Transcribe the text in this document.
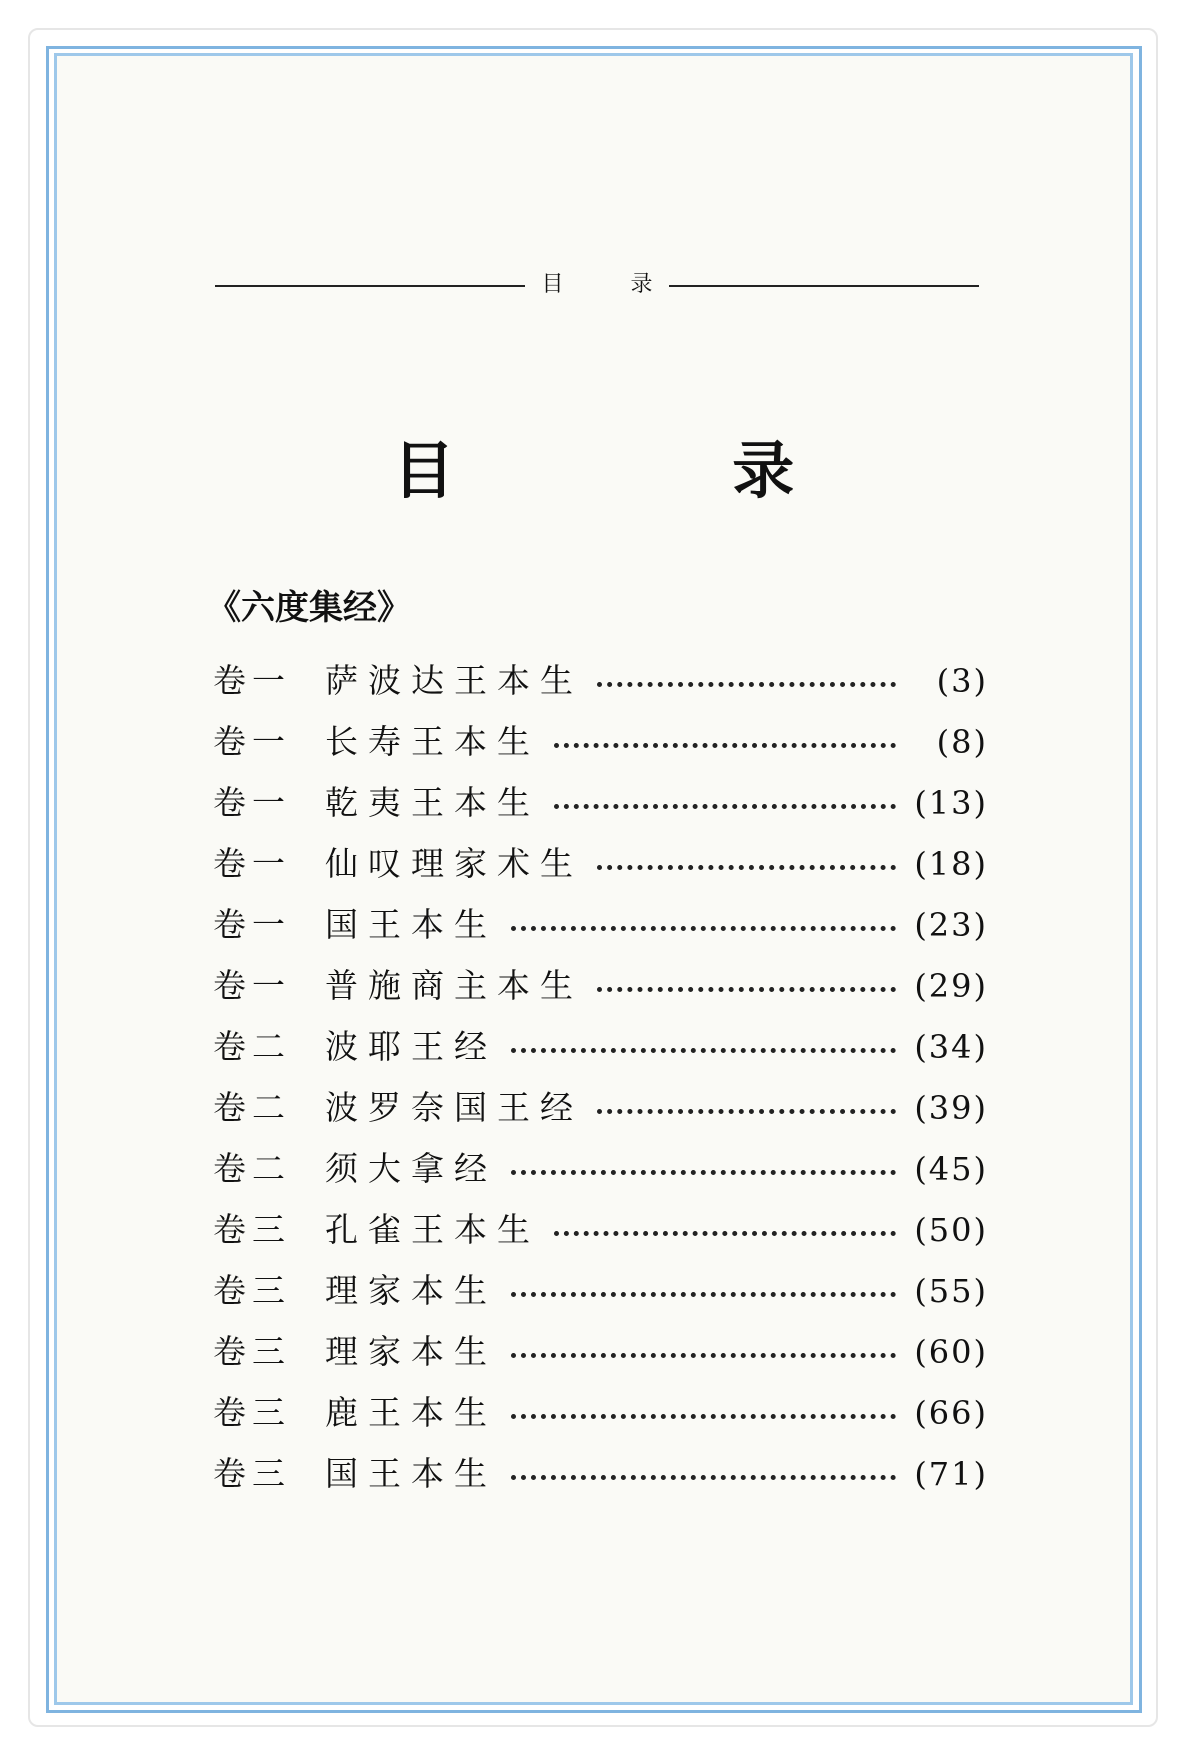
目 录
目 录
《六度集经》
卷一	萨波达王本生	(3)
卷一	长寿王本生	(8)
卷一	乾夷王本生	(13)
卷一	仙叹理家术生	(18)
卷一	国王本生	(23)
卷一	普施商主本生	(29)
卷二	波耶王经	(34)
卷二	波罗奈国王经	(39)
卷二	须大拿经	(45)
卷三	孔雀王本生	(50)
卷三	理家本生	(55)
卷三	理家本生	(60)
卷三	鹿王本生	(66)
卷三	国王本生	(71)
